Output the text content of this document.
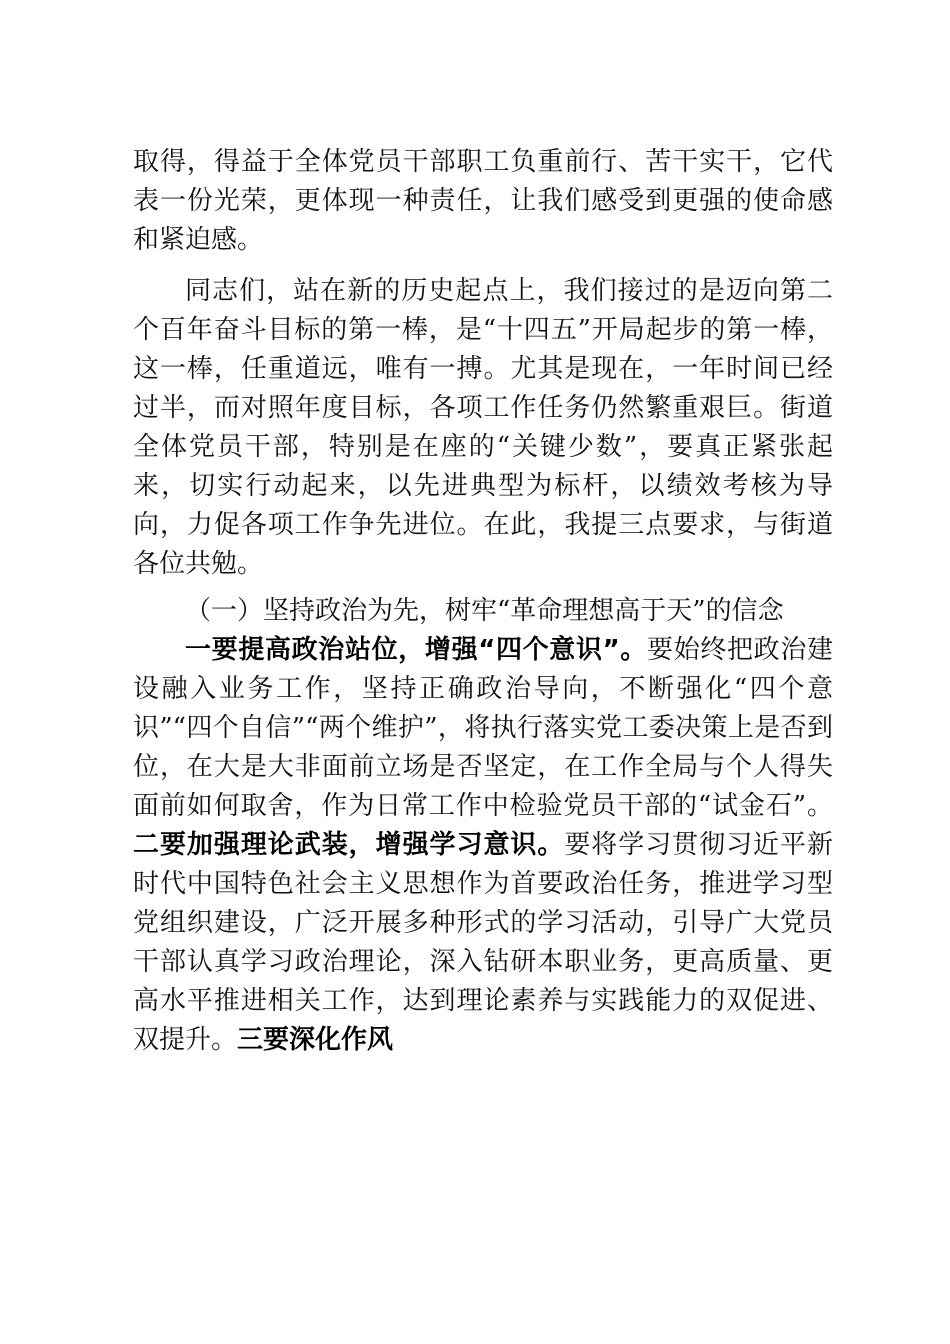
取得，得益于全体党员干部职工负重前行、苦干实干，它代表一份光荣，更体现一种责任，让我们感受到更强的使命感和紧迫感。

同志们，站在新的历史起点上，我们接过的是迈向第二个百年奋斗目标的第一棒，是“十四五”开局起步的第一棒，这一棒，任重道远，唯有一搏。尤其是现在，一年时间已经过半，而对照年度目标，各项工作任务仍然繁重艰巨。街道全体党员干部，特别是在座的“关键少数”，要真正紧张起来，切实行动起来，以先进典型为标杆，以绩效考核为导向，力促各项工作争先进位。在此，我提三点要求，与街道各位共勉。

（一）坚持政治为先，树牢“革命理想高于天”的信念

一要提高政治站位，增强“四个意识”。要始终把政治建设融入业务工作，坚持正确政治导向，不断强化“四个意识”“四个自信”“两个维护”，将执行落实党工委决策上是否到位，在大是大非面前立场是否坚定，在工作全局与个人得失面前如何取舍，作为日常工作中检验党员干部的“试金石”。二要加强理论武装，增强学习意识。要将学习贯彻习近平新时代中国特色社会主义思想作为首要政治任务，推进学习型党组织建设，广泛开展多种形式的学习活动，引导广大党员干部认真学习政治理论，深入钻研本职业务，更高质量、更高水平推进相关工作，达到理论素养与实践能力的双促进、双提升。三要深化作风
